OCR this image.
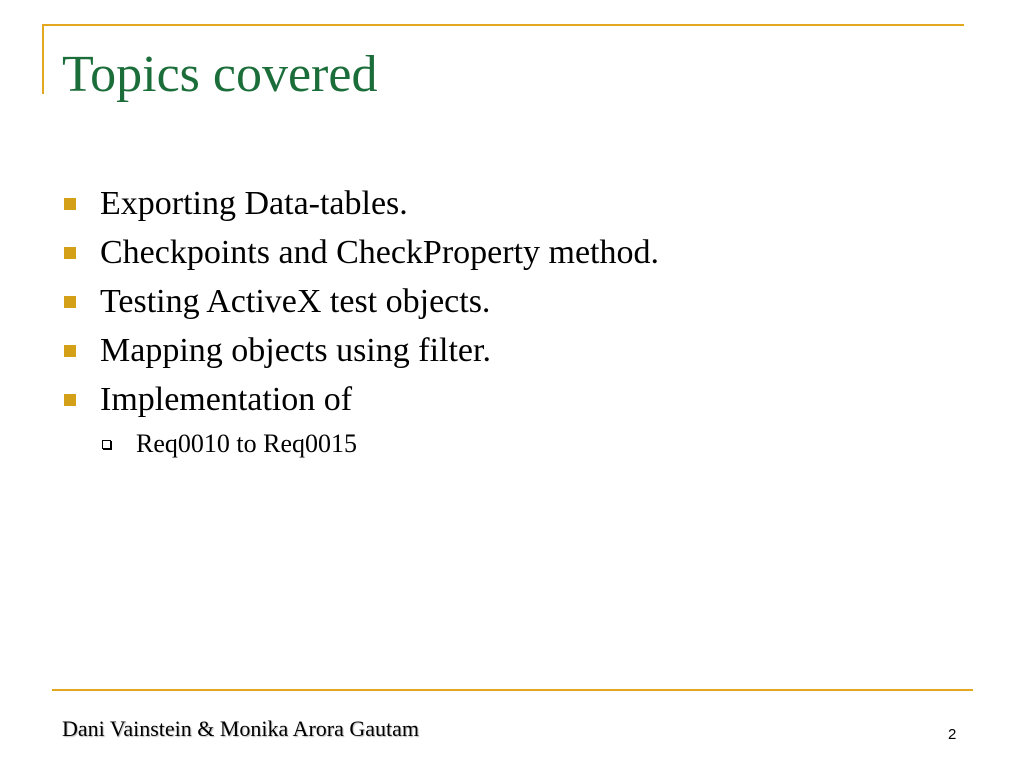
Topics covered
Exporting Data-tables.
Checkpoints and CheckProperty method.
Testing ActiveX test objects.
Mapping objects using filter.
Implementation of
Req0010 to Req0015
Dani Vainstein & Monika Arora Gautam	2
